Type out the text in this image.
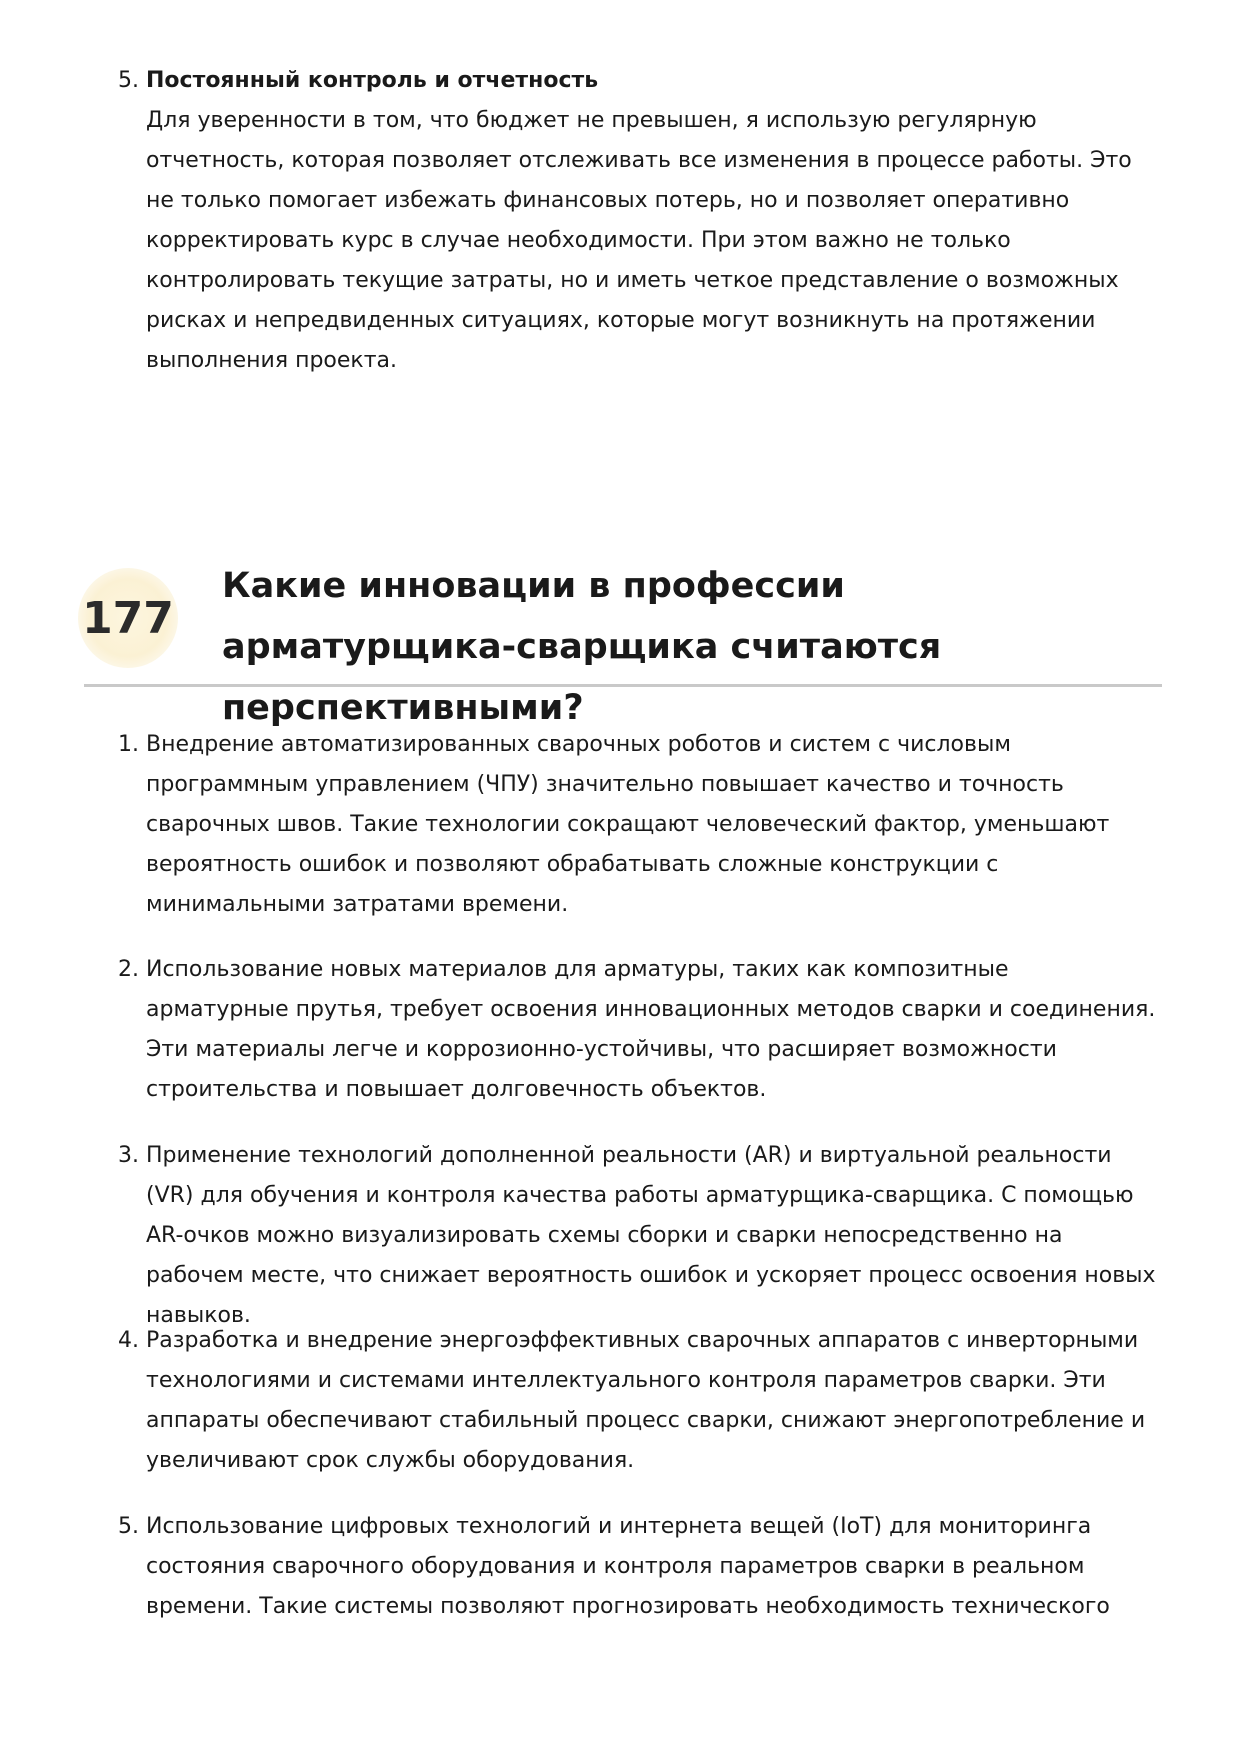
5. Постоянный контроль и отчетность
Для уверенности в том, что бюджет не превышен, я использую регулярную отчетность, которая позволяет отслеживать все изменения в процессе работы. Это не только помогает избежать финансовых потерь, но и позволяет оперативно корректировать курс в случае необходимости. При этом важно не только контролировать текущие затраты, но и иметь четкое представление о возможных рисках и непредвиденных ситуациях, которые могут возникнуть на протяжении выполнения проекта.
177
Какие инновации в профессии арматурщика-сварщика считаются перспективными?
1. Внедрение автоматизированных сварочных роботов и систем с числовым программным управлением (ЧПУ) значительно повышает качество и точность сварочных швов. Такие технологии сокращают человеческий фактор, уменьшают вероятность ошибок и позволяют обрабатывать сложные конструкции с минимальными затратами времени.
2. Использование новых материалов для арматуры, таких как композитные арматурные прутья, требует освоения инновационных методов сварки и соединения. Эти материалы легче и коррозионно-устойчивы, что расширяет возможности строительства и повышает долговечность объектов.
3. Применение технологий дополненной реальности (AR) и виртуальной реальности (VR) для обучения и контроля качества работы арматурщика-сварщика. С помощью AR-очков можно визуализировать схемы сборки и сварки непосредственно на рабочем месте, что снижает вероятность ошибок и ускоряет процесс освоения новых навыков.
4. Разработка и внедрение энергоэффективных сварочных аппаратов с инверторными технологиями и системами интеллектуального контроля параметров сварки. Эти аппараты обеспечивают стабильный процесс сварки, снижают энергопотребление и увеличивают срок службы оборудования.
5. Использование цифровых технологий и интернета вещей (IoT) для мониторинга состояния сварочного оборудования и контроля параметров сварки в реальном времени. Такие системы позволяют прогнозировать необходимость технического
